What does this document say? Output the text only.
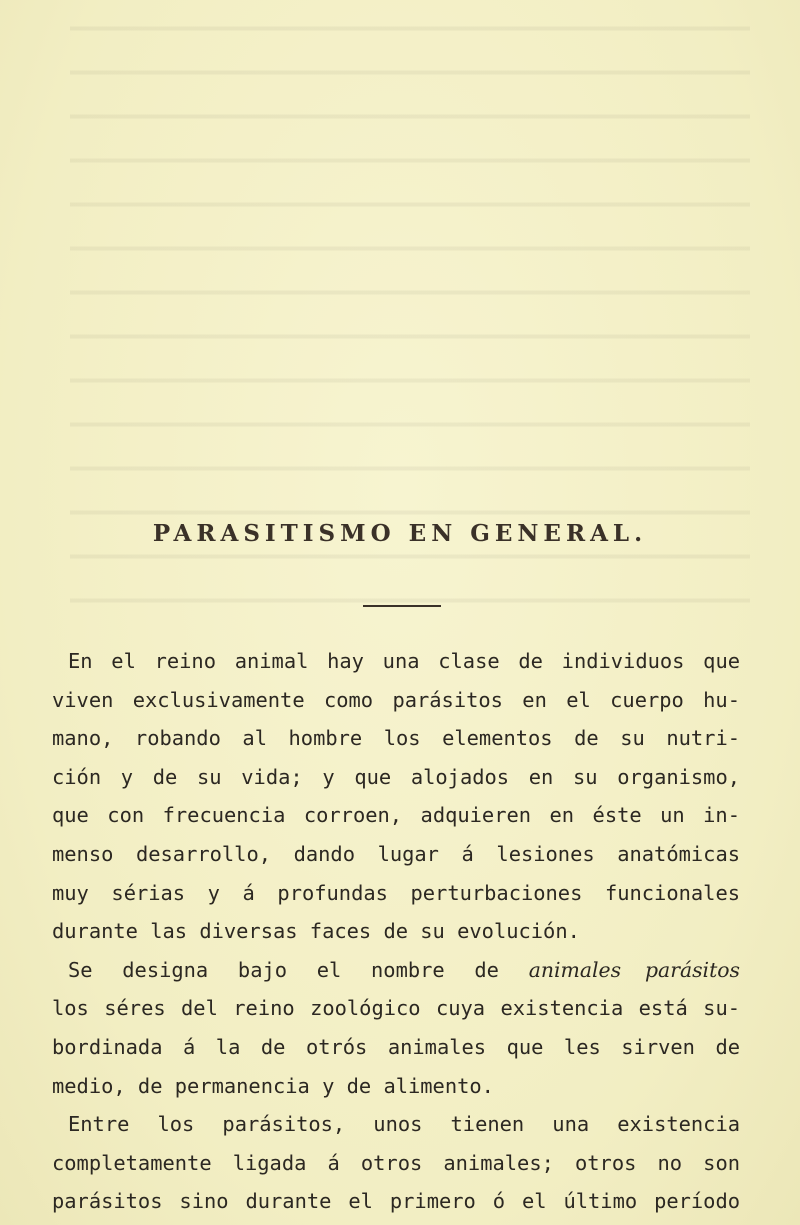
PARASITISMO EN GENERAL.
En el reino animal hay una clase de individuos que
viven exclusivamente como parásitos en el cuerpo hu-
mano, robando al hombre los elementos de su nutri-
ción y de su vida; y que alojados en su organismo,
que con frecuencia corroen, adquieren en éste un in-
menso desarrollo, dando lugar á lesiones anatómicas
muy sérias y á profundas perturbaciones funcionales
durante las diversas faces de su evolución.
Se designa bajo el nombre de animales parásitos
los séres del reino zoológico cuya existencia está su-
bordinada á la de otrós animales que les sirven de
medio, de permanencia y de alimento.
Entre los parásitos, unos tienen una existencia
completamente ligada á otros animales; otros no son
parásitos sino durante el primero ó el último período
